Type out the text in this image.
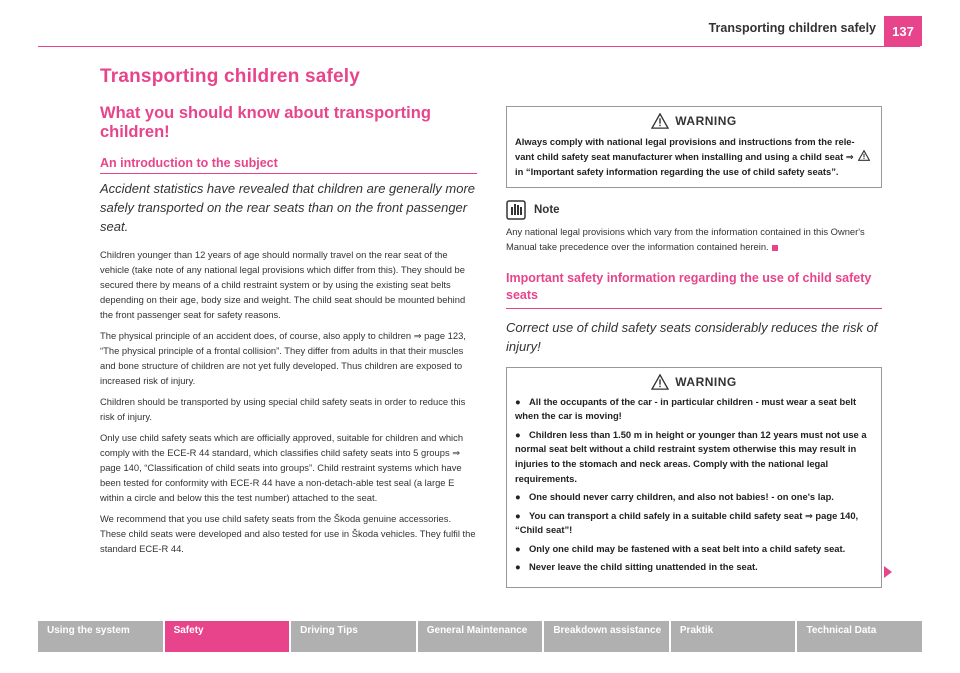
Transporting children safely	137
Transporting children safely
What you should know about transporting children!
An introduction to the subject

Accident statistics have revealed that children are generally more safely transported on the rear seats than on the front passenger seat.

Children younger than 12 years of age should normally travel on the rear seat of the vehicle (take note of any national legal provisions which differ from this). They should be secured there by means of a child restraint system or by using the existing seat belts depending on their age, body size and weight. The child seat should be mounted behind the front passenger seat for safety reasons.

The physical principle of an accident does, of course, also apply to children ⇒ page 123, “The physical principle of a frontal collision”. They differ from adults in that their muscles and bone structure of children are not yet fully developed. Thus children are exposed to increased risk of injury.

Children should be transported by using special child safety seats in order to reduce this risk of injury.

Only use child safety seats which are officially approved, suitable for children and which comply with the ECE-R 44 standard, which classifies child safety seats into 5 groups ⇒ page 140, “Classification of child seats into groups”. Child restraint systems which have been tested for conformity with ECE-R 44 have a non-detach-able test seal (a large E within a circle and below this the test number) attached to the seat.

We recommend that you use child safety seats from the Škoda genuine accessories. These child seats were developed and also tested for use in Škoda vehicles. They fulfil the standard ECE-R 44.

WARNING

Always comply with national legal provisions and instructions from the rele-vant child safety seat manufacturer when installing and using a child seat ⇒  in “Important safety information regarding the use of child safety seats”.

Note

Any national legal provisions which vary from the information contained in this Owner's Manual take precedence over the information contained herein.

Important safety information regarding the use of child safety seats

Correct use of child safety seats considerably reduces the risk of injury!

WARNING

● All the occupants of the car - in particular children - must wear a seat belt when the car is moving!

● Children less than 1.50 m in height or younger than 12 years must not use a normal seat belt without a child restraint system otherwise this may result in injuries to the stomach and neck areas. Comply with the national legal requirements.

● One should never carry children, and also not babies! - on one's lap.

● You can transport a child safely in a suitable child safety seat ⇒ page 140, “Child seat”!

● Only one child may be fastened with a seat belt into a child safety seat.

● Never leave the child sitting unattended in the seat.

Using the system	Safety	Driving Tips	General Maintenance	Breakdown assistance	Praktik	Technical Data
